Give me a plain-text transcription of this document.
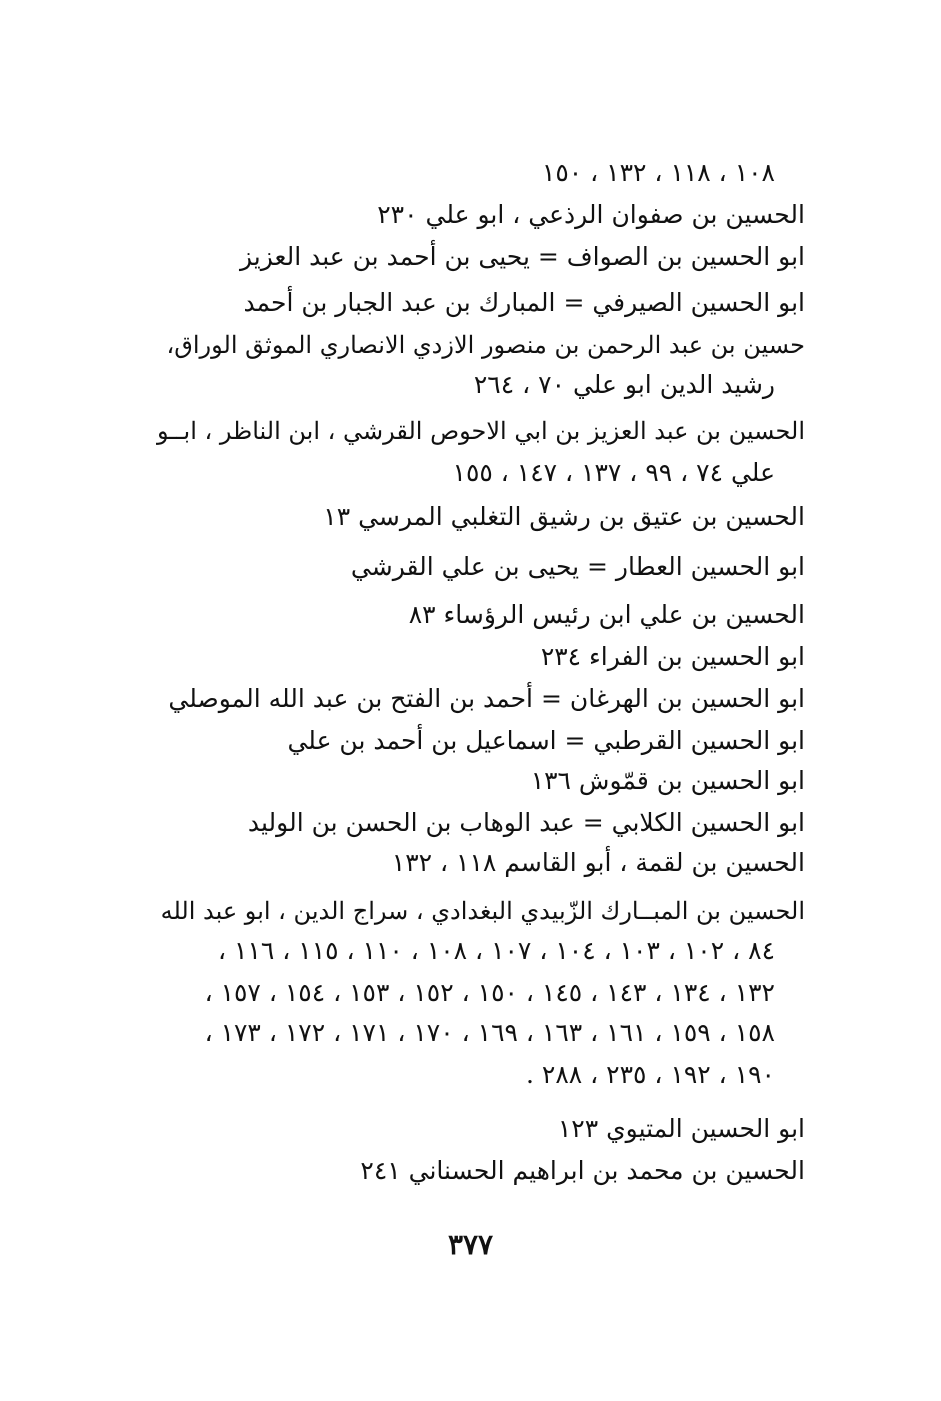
١٠٨ ، ١١٨ ، ١٣٢ ، ١٥٠
الحسين بن صفوان الرذعي ، ابو علي ٢٣٠
ابو الحسين بن الصواف = يحيى بن أحمد بن عبد العزيز
ابو الحسين الصيرفي = المبارك بن عبد الجبار بن أحمد
حسين بن عبد الرحمن بن منصور الازدي الانصاري الموثق الوراق،
رشيد الدين ابو علي ٧٠ ، ٢٦٤
الحسين بن عبد العزيز بن ابي الاحوص القرشي ، ابن الناظر ، ابــو
علي ٧٤ ، ٩٩ ، ١٣٧ ، ١٤٧ ، ١٥٥
الحسين بن عتيق بن رشيق التغلبي المرسي ١٣
ابو الحسين العطار = يحيى بن علي القرشي
الحسين بن علي ابن رئيس الرؤساء ٨٣
ابو الحسين بن الفراء ٢٣٤
ابو الحسين بن الهرغان = أحمد بن الفتح بن عبد الله الموصلي
ابو الحسين القرطبي = اسماعيل بن أحمد بن علي
ابو الحسين بن قمّوش ١٣٦
ابو الحسين الكلابي = عبد الوهاب بن الحسن بن الوليد
الحسين بن لقمة ، أبو القاسم ١١٨ ، ١٣٢
الحسين بن المبــارك الزّبيدي البغدادي ، سراج الدين ، ابو عبد الله
٨٤ ، ١٠٢ ، ١٠٣ ، ١٠٤ ، ١٠٧ ، ١٠٨ ، ١١٠ ، ١١٥ ، ١١٦ ،
١٣٢ ، ١٣٤ ، ١٤٣ ، ١٤٥ ، ١٥٠ ، ١٥٢ ، ١٥٣ ، ١٥٤ ، ١٥٧ ،
١٥٨ ، ١٥٩ ، ١٦١ ، ١٦٣ ، ١٦٩ ، ١٧٠ ، ١٧١ ، ١٧٢ ، ١٧٣ ،
١٩٠ ، ١٩٢ ، ٢٣٥ ، ٢٨٨ .
ابو الحسين المتيوي ١٢٣
الحسين بن محمد بن ابراهيم الحسناني ٢٤١
٣٧٧
